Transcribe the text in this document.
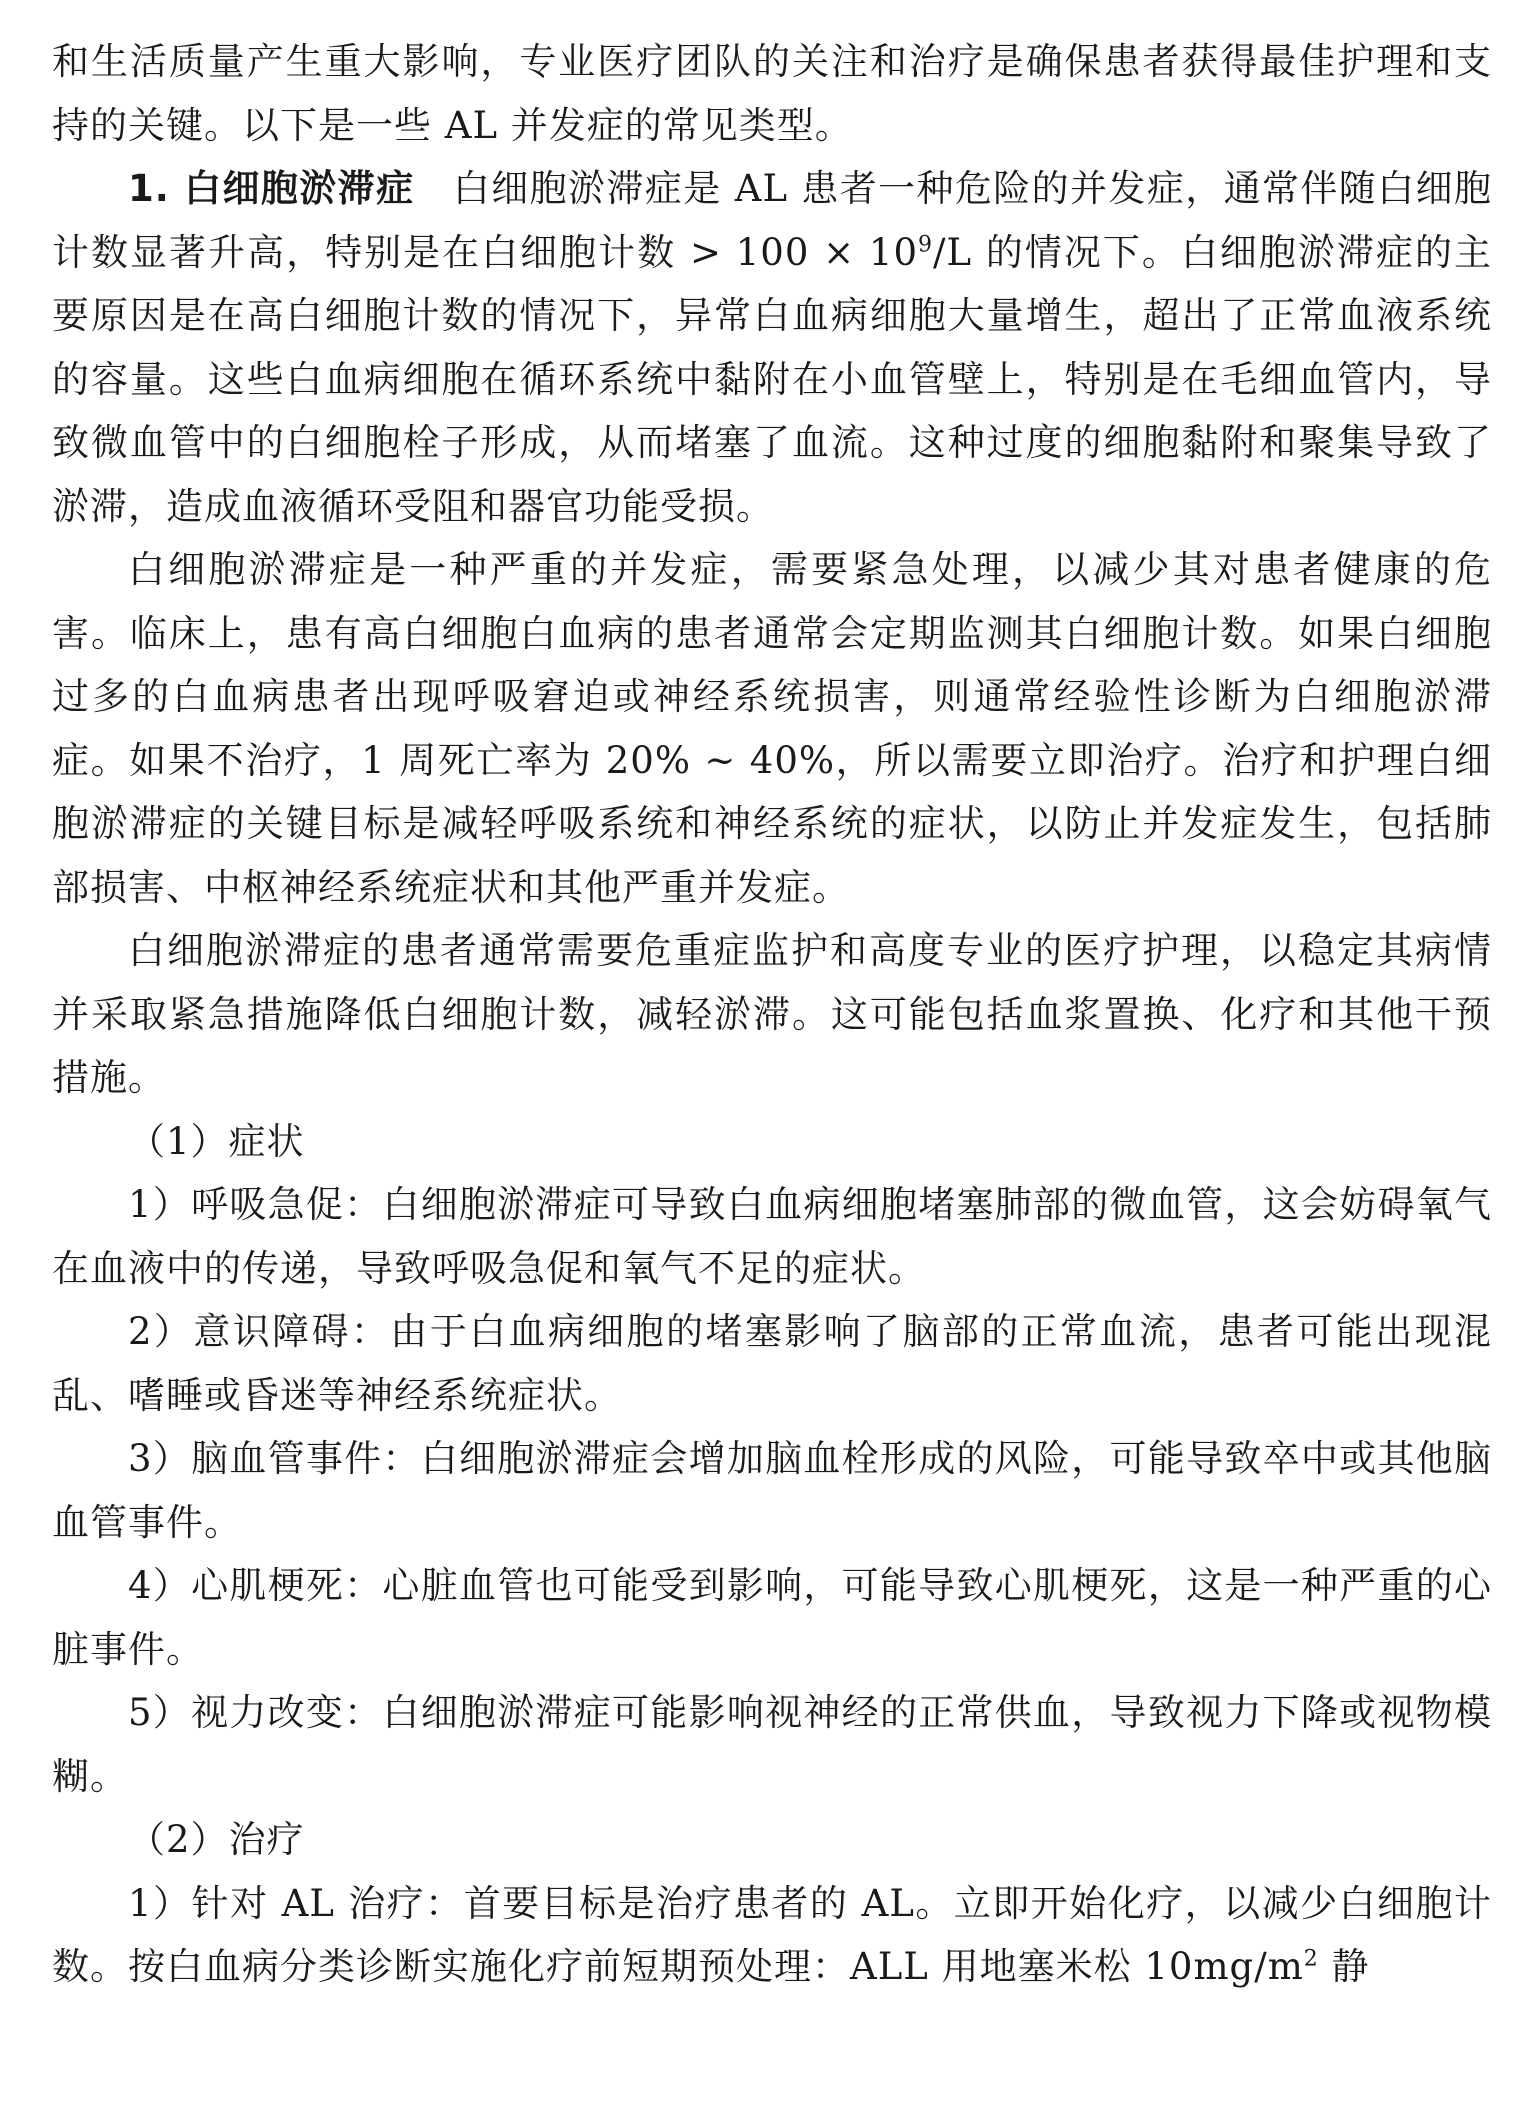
和生活质量产生重大影响，专业医疗团队的关注和治疗是确保患者获得最佳护理和支持的关键。以下是一些 AL 并发症的常见类型。

1. 白细胞淤滞症 白细胞淤滞症是 AL 患者一种危险的并发症，通常伴随白细胞计数显著升高，特别是在白细胞计数 > $100 \times 10^9/L$ 的情况下。白细胞淤滞症的主要原因是在高白细胞计数的情况下，异常白血病细胞大量增生，超出了正常血液系统的容量。这些白血病细胞在循环系统中黏附在小血管壁上，特别是在毛细血管内，导致微血管中的白细胞栓子形成，从而堵塞了血流。这种过度的细胞黏附和聚集导致了淤滞，造成血液循环受阻和器官功能受损。

白细胞淤滞症是一种严重的并发症，需要紧急处理，以减少其对患者健康的危害。临床上，患有高白细胞白血病的患者通常会定期监测其白细胞计数。如果白细胞过多的白血病患者出现呼吸窘迫或神经系统损害，则通常经验性诊断为白细胞淤滞症。如果不治疗，1 周死亡率为 20% ~ 40%，所以需要立即治疗。治疗和护理白细胞淤滞症的关键目标是减轻呼吸系统和神经系统的症状，以防止并发症发生，包括肺部损害、中枢神经系统症状和其他严重并发症。

白细胞淤滞症的患者通常需要危重症监护和高度专业的医疗护理，以稳定其病情并采取紧急措施降低白细胞计数，减轻淤滞。这可能包括血浆置换、化疗和其他干预措施。

（1）症状

1）呼吸急促：白细胞淤滞症可导致白血病细胞堵塞肺部的微血管，这会妨碍氧气在血液中的传递，导致呼吸急促和氧气不足的症状。

2）意识障碍：由于白血病细胞的堵塞影响了脑部的正常血流，患者可能出现混乱、嗜睡或昏迷等神经系统症状。

3）脑血管事件：白细胞淤滞症会增加脑血栓形成的风险，可能导致卒中或其他脑血管事件。

4）心肌梗死：心脏血管也可能受到影响，可能导致心肌梗死，这是一种严重的心脏事件。

5）视力改变：白细胞淤滞症可能影响视神经的正常供血，导致视力下降或视物模糊。

（2）治疗

1）针对 AL 治疗：首要目标是治疗患者的 AL。立即开始化疗，以减少白细胞计数。按白血病分类诊断实施化疗前短期预处理：ALL 用地塞米松 $10mg/m^2$ 静
